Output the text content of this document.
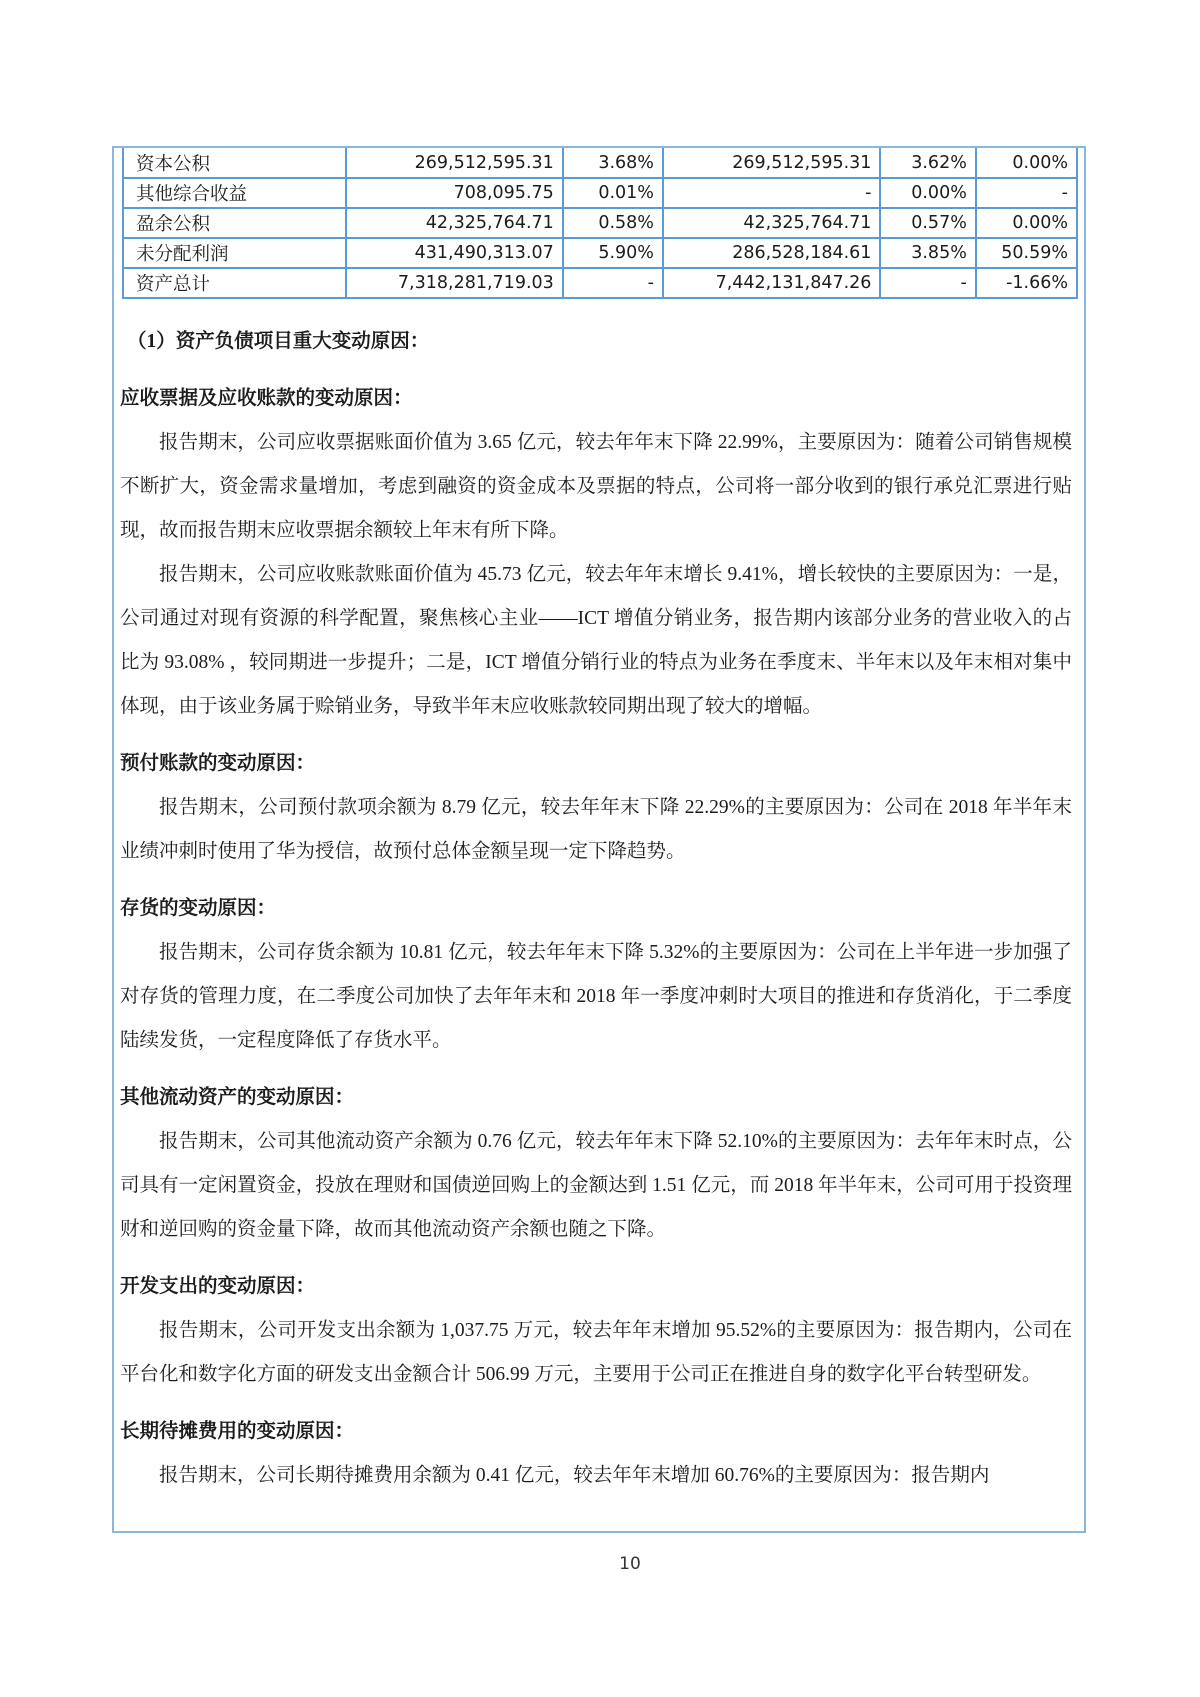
资本公积	269,512,595.31	3.68%	269,512,595.31	3.62%	0.00%
其他综合收益	708,095.75	0.01%	-	0.00%	-
盈余公积	42,325,764.71	0.58%	42,325,764.71	0.57%	0.00%
未分配利润	431,490,313.07	5.90%	286,528,184.61	3.85%	50.59%
资产总计	7,318,281,719.03	-	7,442,131,847.26	-	-1.66%
（1）资产负债项目重大变动原因：
应收票据及应收账款的变动原因：
报告期末，公司应收票据账面价值为 3.65 亿元，较去年年末下降 22.99%，主要原因为：随着公司销售规模不断扩大，资金需求量增加，考虑到融资的资金成本及票据的特点，公司将一部分收到的银行承兑汇票进行贴现，故而报告期末应收票据余额较上年末有所下降。
报告期末，公司应收账款账面价值为 45.73 亿元，较去年年末增长 9.41%，增长较快的主要原因为：一是，公司通过对现有资源的科学配置，聚焦核心主业——ICT 增值分销业务，报告期内该部分业务的营业收入的占比为 93.08% ，较同期进一步提升；二是，ICT 增值分销行业的特点为业务在季度末、半年末以及年末相对集中体现，由于该业务属于赊销业务，导致半年末应收账款较同期出现了较大的增幅。
预付账款的变动原因：
报告期末，公司预付款项余额为 8.79 亿元，较去年年末下降 22.29%的主要原因为：公司在 2018 年半年末业绩冲刺时使用了华为授信，故预付总体金额呈现一定下降趋势。
存货的变动原因：
报告期末，公司存货余额为 10.81 亿元，较去年年末下降 5.32%的主要原因为：公司在上半年进一步加强了对存货的管理力度，在二季度公司加快了去年年末和 2018 年一季度冲刺时大项目的推进和存货消化，于二季度陆续发货，一定程度降低了存货水平。
其他流动资产的变动原因：
报告期末，公司其他流动资产余额为 0.76 亿元，较去年年末下降 52.10%的主要原因为：去年年末时点，公司具有一定闲置资金，投放在理财和国债逆回购上的金额达到 1.51 亿元，而 2018 年半年末，公司可用于投资理财和逆回购的资金量下降，故而其他流动资产余额也随之下降。
开发支出的变动原因：
报告期末，公司开发支出余额为 1,037.75 万元，较去年年末增加 95.52%的主要原因为：报告期内，公司在平台化和数字化方面的研发支出金额合计 506.99 万元，主要用于公司正在推进自身的数字化平台转型研发。
长期待摊费用的变动原因：
报告期末，公司长期待摊费用余额为 0.41 亿元，较去年年末增加 60.76%的主要原因为：报告期内
10
